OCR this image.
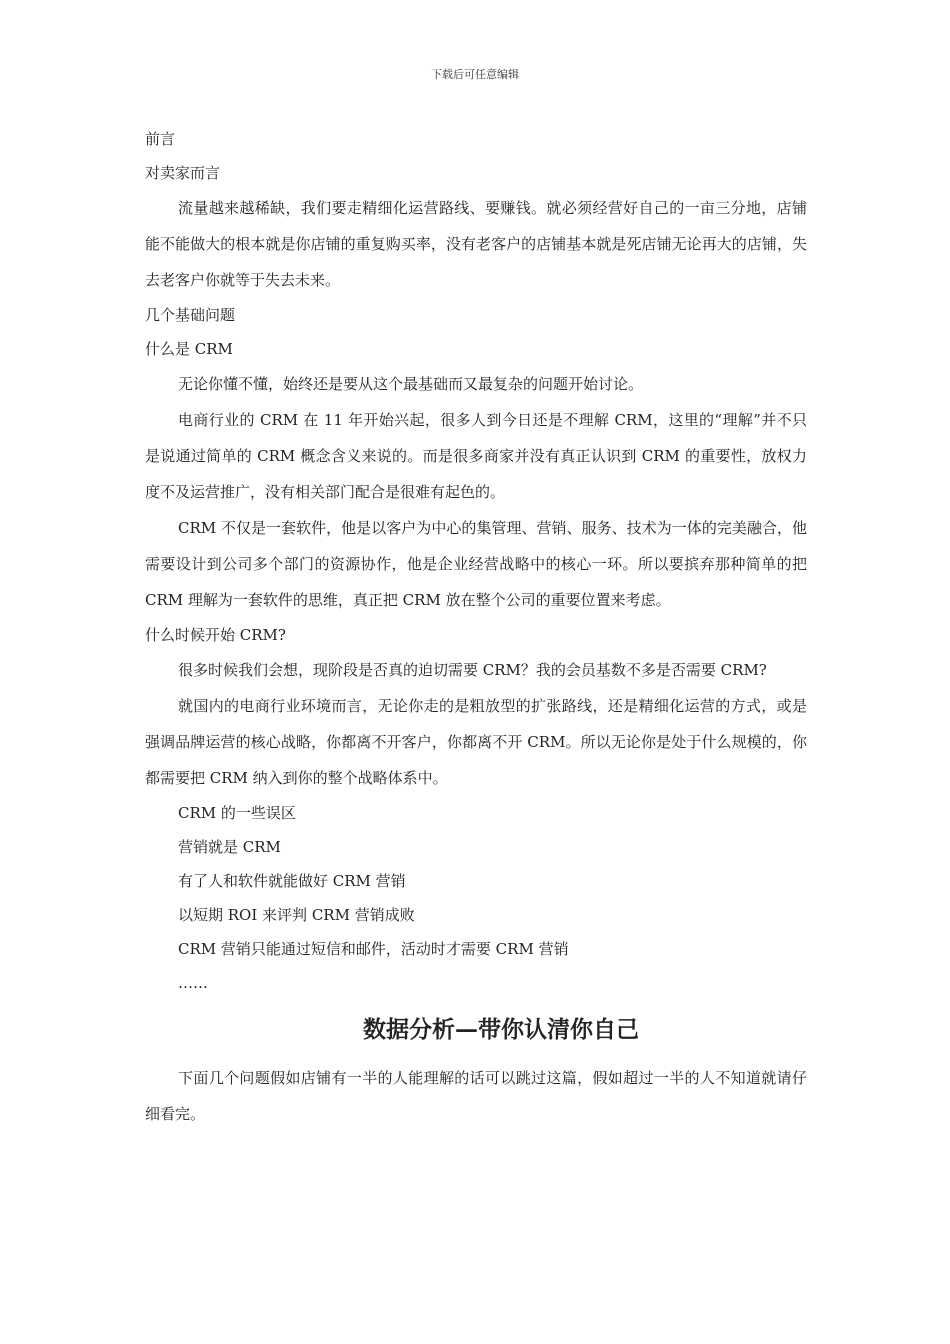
下载后可任意编辑

前言

对卖家而言

流量越来越稀缺，我们要走精细化运营路线、要赚钱。就必须经营好自己的一亩三分地，店铺能不能做大的根本就是你店铺的重复购买率，没有老客户的店铺基本就是死店铺无论再大的店铺，失去老客户你就等于失去未来。

几个基础问题

什么是 CRM

无论你懂不懂，始终还是要从这个最基础而又最复杂的问题开始讨论。

电商行业的 CRM 在 11 年开始兴起，很多人到今日还是不理解 CRM，这里的“理解”并不只是说通过简单的 CRM 概念含义来说的。而是很多商家并没有真正认识到 CRM 的重要性，放权力度不及运营推广，没有相关部门配合是很难有起色的。

CRM 不仅是一套软件，他是以客户为中心的集管理、营销、服务、技术为一体的完美融合，他需要设计到公司多个部门的资源协作，他是企业经营战略中的核心一环。所以要摈弃那种简单的把 CRM 理解为一套软件的思维，真正把 CRM 放在整个公司的重要位置来考虑。

什么时候开始 CRM?

很多时候我们会想，现阶段是否真的迫切需要 CRM？我的会员基数不多是否需要 CRM?

就国内的电商行业环境而言，无论你走的是粗放型的扩张路线，还是精细化运营的方式，或是强调品牌运营的核心战略，你都离不开客户，你都离不开 CRM。所以无论你是处于什么规模的，你都需要把 CRM 纳入到你的整个战略体系中。

CRM 的一些误区

营销就是 CRM

有了人和软件就能做好 CRM 营销

以短期 ROI 来评判 CRM 营销成败

CRM 营销只能通过短信和邮件，活动时才需要 CRM 营销

……

数据分析—带你认清你自己

下面几个问题假如店铺有一半的人能理解的话可以跳过这篇，假如超过一半的人不知道就请仔细看完。
